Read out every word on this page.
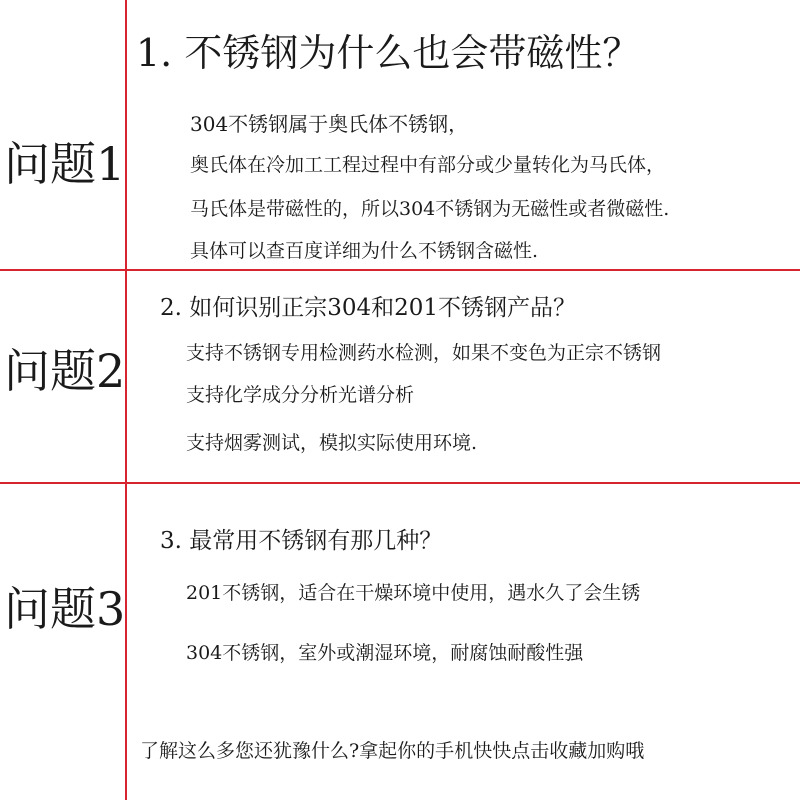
问题1
1. 不锈钢为什么也会带磁性？
304不锈钢属于奥氏体不锈钢，
奥氏体在冷加工工程过程中有部分或少量转化为马氏体，
马氏体是带磁性的，所以304不锈钢为无磁性或者微磁性.
具体可以查百度详细为什么不锈钢含磁性.
问题2
2. 如何识别正宗304和201不锈钢产品？
支持不锈钢专用检测药水检测，如果不变色为正宗不锈钢
支持化学成分分析光谱分析
支持烟雾测试，模拟实际使用环境.
问题3
3. 最常用不锈钢有那几种？
201不锈钢，适合在干燥环境中使用，遇水久了会生锈
304不锈钢，室外或潮湿环境，耐腐蚀耐酸性强
了解这么多您还犹豫什么?拿起你的手机快快点击收藏加购哦
